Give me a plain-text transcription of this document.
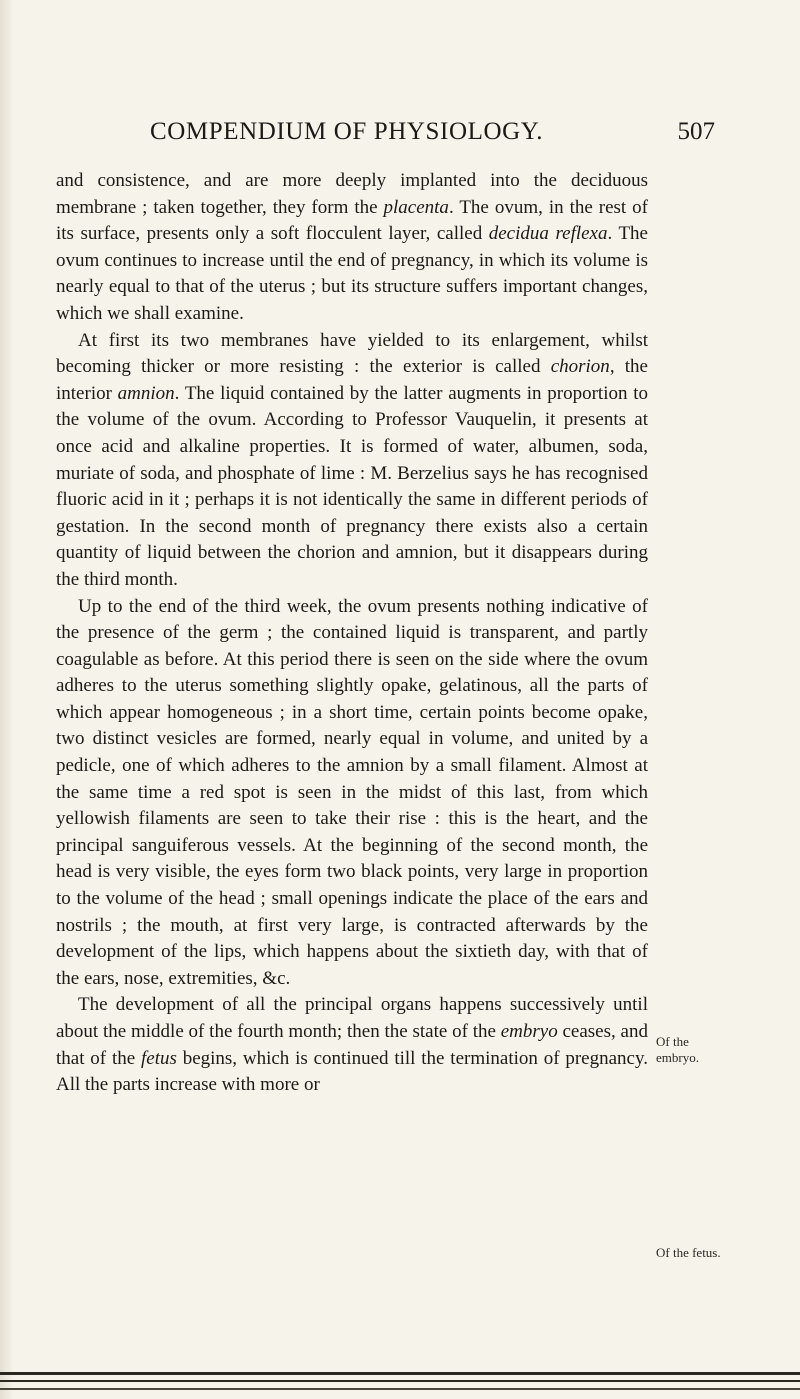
COMPENDIUM OF PHYSIOLOGY.	507

and consistence, and are more deeply implanted into the deciduous membrane ; taken together, they form the placenta. The ovum, in the rest of its surface, presents only a soft flocculent layer, called decidua reflexa. The ovum continues to increase until the end of pregnancy, in which its volume is nearly equal to that of the uterus ; but its structure suffers important changes, which we shall examine.

At first its two membranes have yielded to its enlargement, whilst becoming thicker or more resisting : the exterior is called chorion, the interior amnion. The liquid contained by the latter augments in proportion to the volume of the ovum. According to Professor Vauquelin, it presents at once acid and alkaline properties. It is formed of water, albumen, soda, muriate of soda, and phosphate of lime : M. Berzelius says he has recognised fluoric acid in it ; perhaps it is not identically the same in different periods of gestation. In the second month of pregnancy there exists also a certain quantity of liquid between the chorion and amnion, but it disappears during the third month.

Up to the end of the third week, the ovum presents nothing indicative of the presence of the germ ; the contained liquid is transparent, and partly coagulable as before. At this period there is seen on the side where the ovum adheres to the uterus something slightly opake, gelatinous, all the parts of which appear homogeneous ; in a short time, certain points become opake, two distinct vesicles are formed, nearly equal in volume, and united by a pedicle, one of which adheres to the amnion by a small filament. Almost at the same time a red spot is seen in the midst of this last, from which yellowish filaments are seen to take their rise : this is the heart, and the principal sanguiferous vessels. At the beginning of the second month, the head is very visible, the eyes form two black points, very large in proportion to the volume of the head ; small openings indicate the place of the ears and nostrils ; the mouth, at first very large, is contracted afterwards by the development of the lips, which happens about the sixtieth day, with that of the ears, nose, extremities, &c.

The development of all the principal organs happens successively until about the middle of the fourth month; then the state of the embryo ceases, and that of the fetus begins, which is continued till the termination of pregnancy. All the parts increase with more or

Of the embryo.
Of the fetus.
